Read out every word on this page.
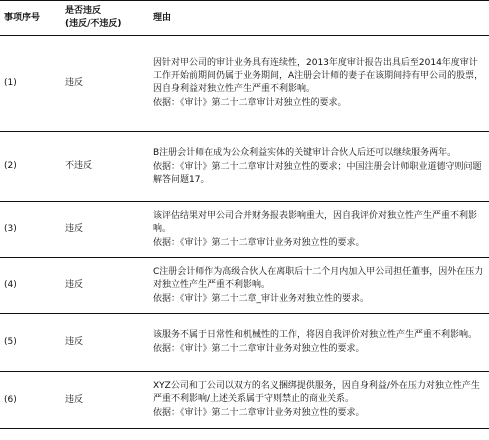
事项序号	是否违反
(违反/不违反)	理由
(1)	违反	因针对甲公司的审计业务具有连续性，2013年度审计报告出具后至2014年度审计工作开始前期间仍属于业务期间，A注册会计师的妻子在该期间持有甲公司的股票，因自身利益对独立性产生严重不利影响。

依据：《审计》第二十二章审计对独立性的要求。

(2)	不违反	B注册会计师在成为公众利益实体的关键审计合伙人后还可以继续服务两年。

依据：《审计》第二十二章审计对独立性的要求；中国注册会计师职业道德守则问题解答问题17。

(3)	违反	该评估结果对甲公司合并财务报表影响重大，因自我评价对独立性产生严重不利影响。

依据：《审计》第二十二章审计业务对独立性的要求。

(4)	违反	C注册会计师作为高级合伙人在离职后十二个月内加入甲公司担任董事，因外在压力对独立性产生严重不利影响。

依据：《审计》第二十二章_审计业务对独立性的要求。

(5)	违反	该服务不属于日常性和机械性的工作，将因自我评价对独立性产生严重不利影响。

依据：《审计》第二十二章审计业务对独立性的要求。

(6)	违反	XYZ公司和丁公司以双方的名义捆绑提供服务，因自身利益/外在压力对独立性产生严重不利影响/上述关系属于守则禁止的商业关系。

依据：《审计》第二十二章审计业务对独立性的要求。
